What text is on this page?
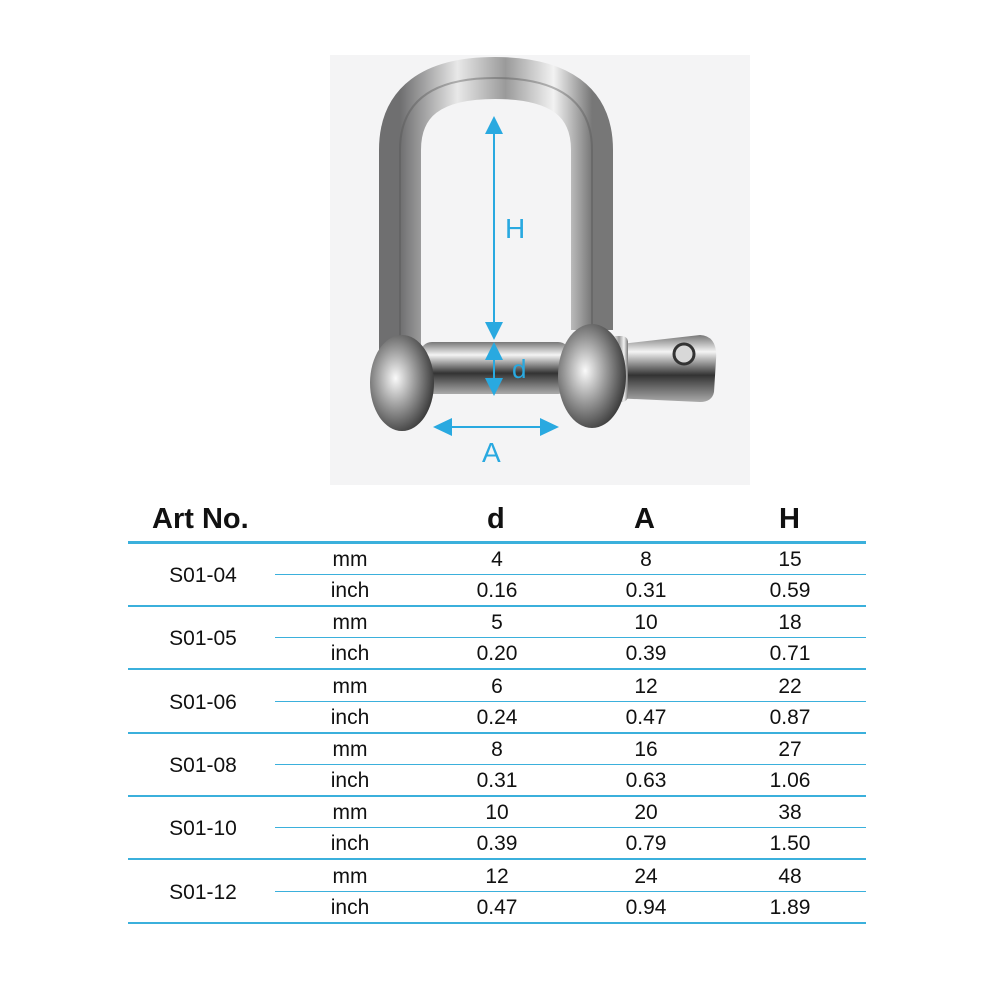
H
d
A
Art No.	d	A	H
S01-04
mm	4	8	15
inch	0.16	0.31	0.59
S01-05
mm	5	10	18
inch	0.20	0.39	0.71
S01-06
mm	6	12	22
inch	0.24	0.47	0.87
S01-08
mm	8	16	27
inch	0.31	0.63	1.06
S01-10
mm	10	20	38
inch	0.39	0.79	1.50
S01-12
mm	12	24	48
inch	0.47	0.94	1.89
